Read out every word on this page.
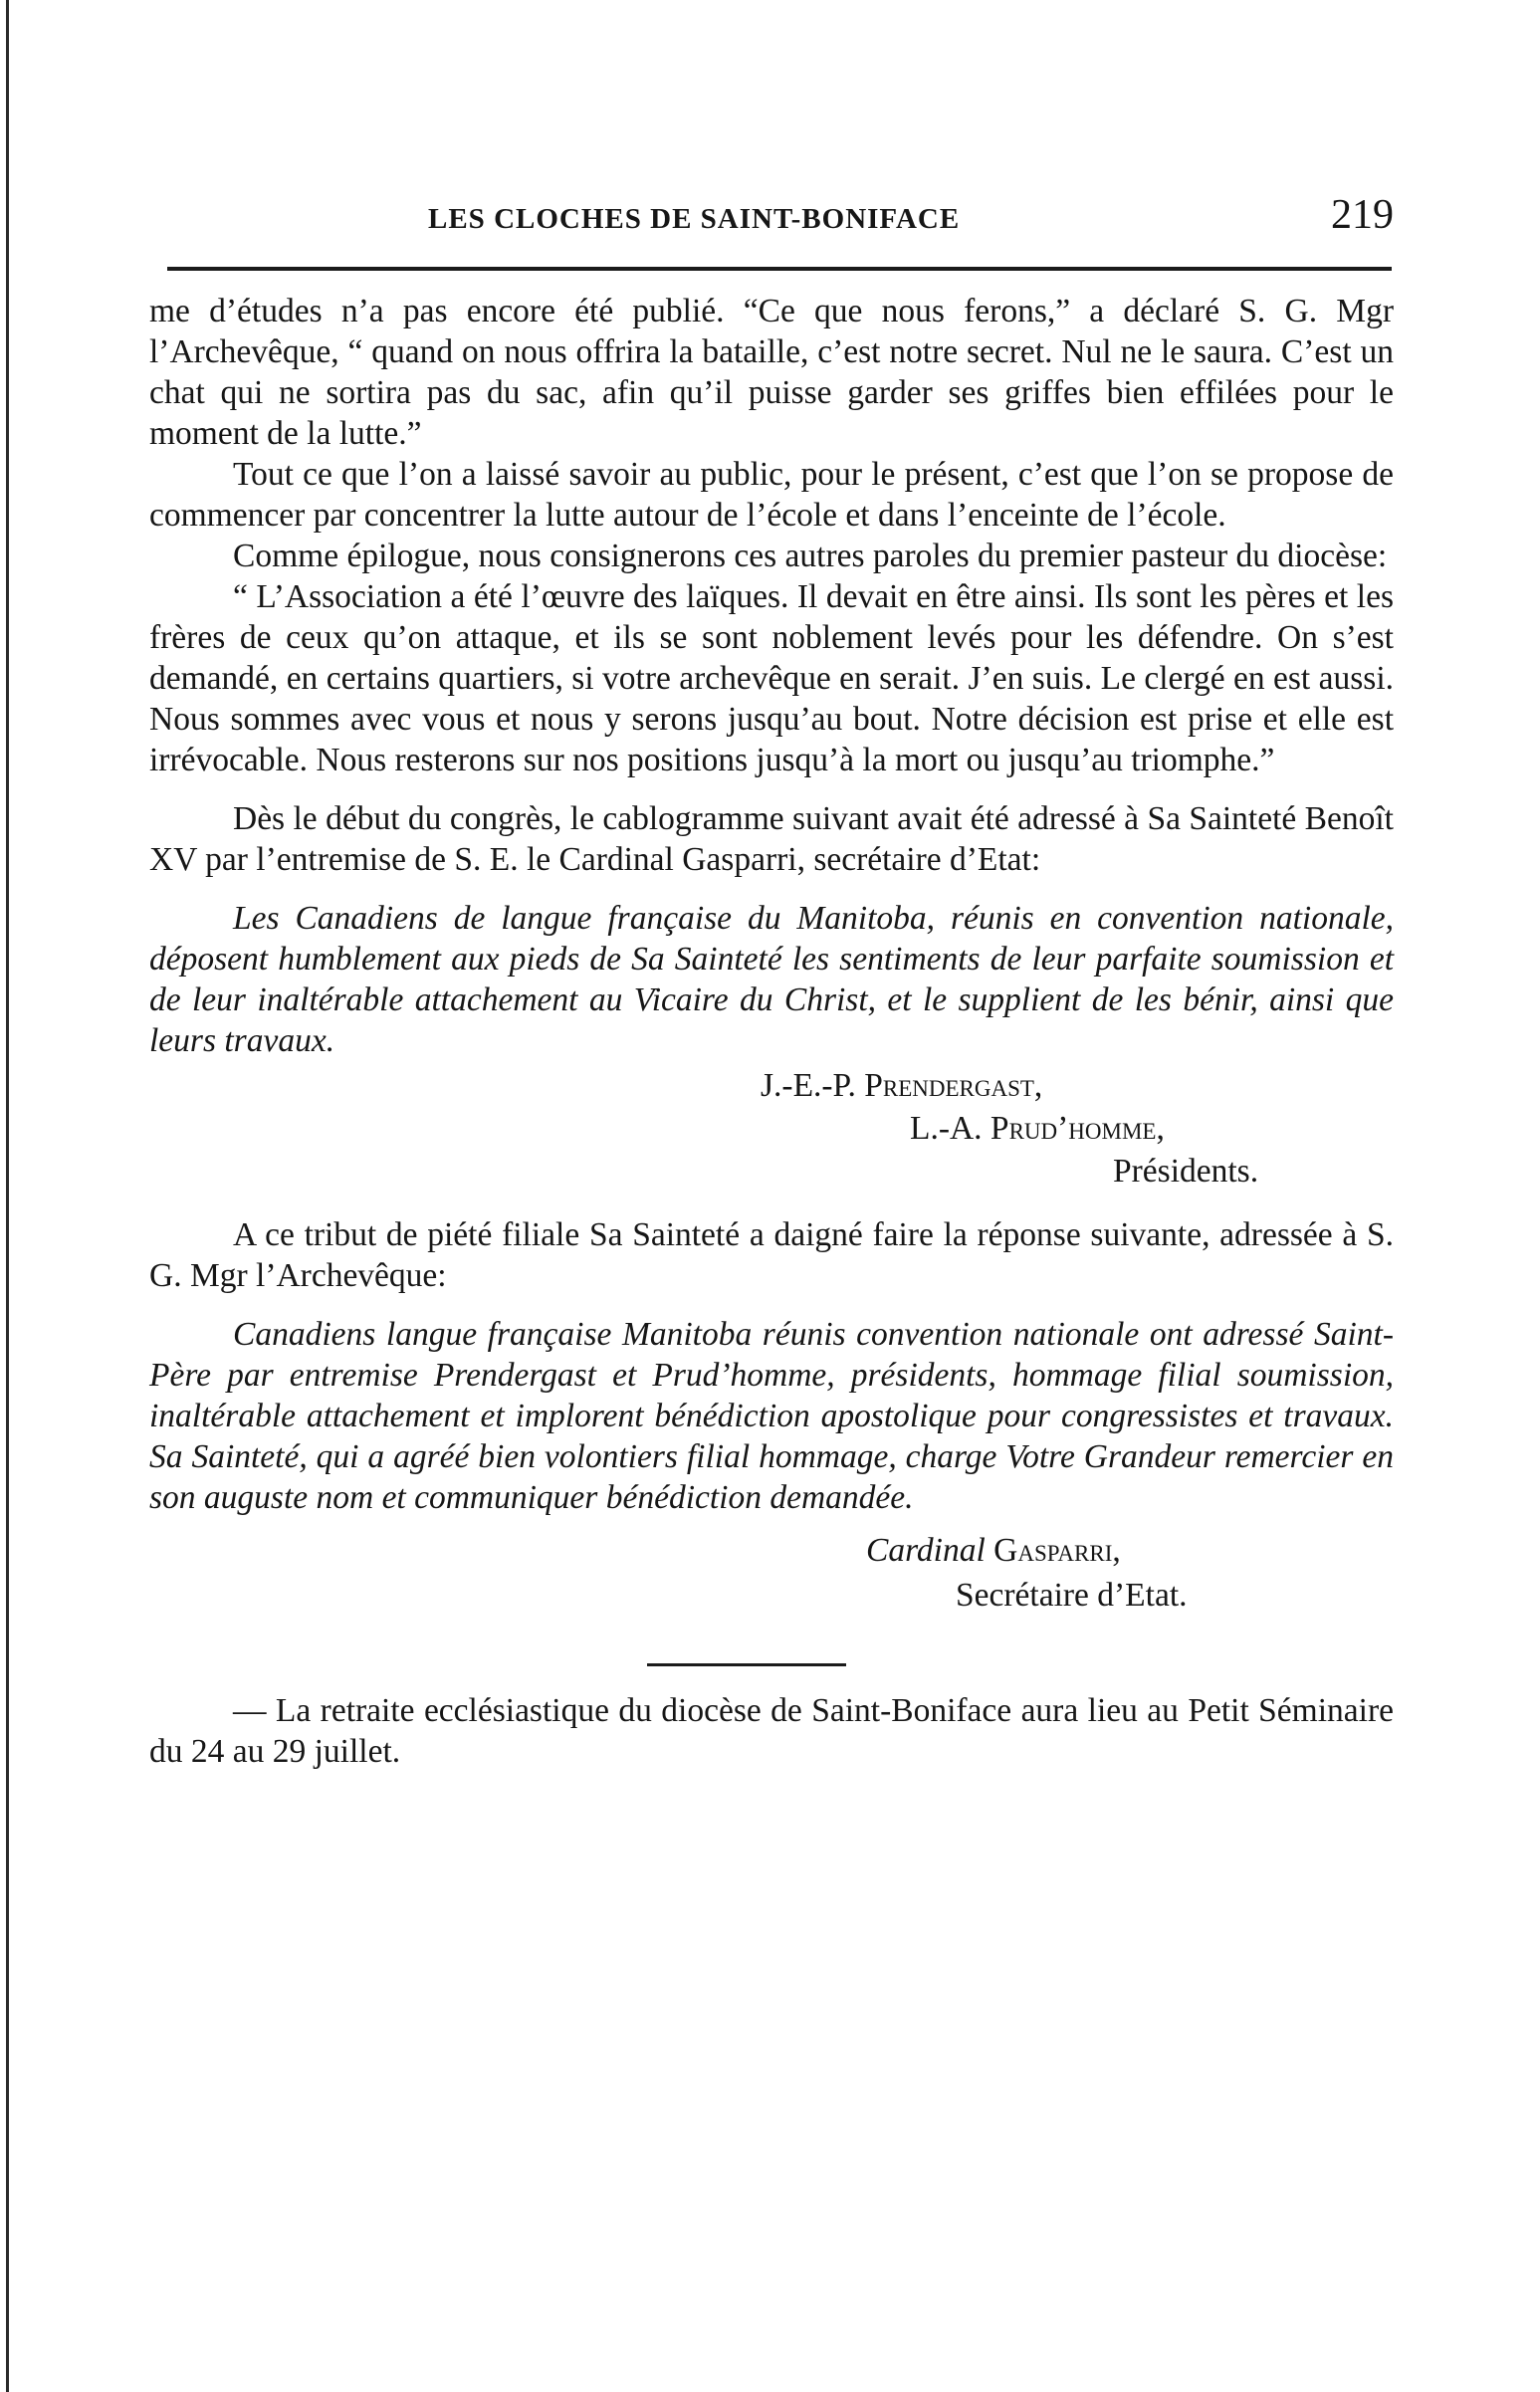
LES CLOCHES DE SAINT-BONIFACE	219

me d’études n’a pas encore été publié. “Ce que nous ferons,” a déclaré S. G. Mgr l’Archevêque, “ quand on nous offrira la bataille, c’est notre secret. Nul ne le saura. C’est un chat qui ne sortira pas du sac, afin qu’il puisse garder ses griffes bien effilées pour le moment de la lutte.”

Tout ce que l’on a laissé savoir au public, pour le présent, c’est que l’on se propose de commencer par concentrer la lutte autour de l’école et dans l’enceinte de l’école.

Comme épilogue, nous consignerons ces autres paroles du premier pasteur du diocèse:

“ L’Association a été l’œuvre des laïques. Il devait en être ainsi. Ils sont les pères et les frères de ceux qu’on attaque, et ils se sont noblement levés pour les défendre. On s’est demandé, en certains quartiers, si votre archevêque en serait. J’en suis. Le clergé en est aussi. Nous sommes avec vous et nous y serons jusqu’au bout. Notre décision est prise et elle est irrévocable. Nous resterons sur nos positions jusqu’à la mort ou jusqu’au triomphe.”

Dès le début du congrès, le cablogramme suivant avait été adressé à Sa Sainteté Benoît XV par l’entremise de S. E. le Cardinal Gasparri, secrétaire d’Etat:

Les Canadiens de langue française du Manitoba, réunis en convention nationale, déposent humblement aux pieds de Sa Sainteté les sentiments de leur parfaite soumission et de leur inaltérable attachement au Vicaire du Christ, et le supplient de les bénir, ainsi que leurs travaux.

J.-E.-P. Prendergast,
L.-A. Prud’homme,
Présidents.

A ce tribut de piété filiale Sa Sainteté a daigné faire la réponse suivante, adressée à S. G. Mgr l’Archevêque:

Canadiens langue française Manitoba réunis convention nationale ont adressé Saint-Père par entremise Prendergast et Prud’homme, présidents, hommage filial soumission, inaltérable attachement et implorent bénédiction apostolique pour congressistes et travaux. Sa Sainteté, qui a agréé bien volontiers filial hommage, charge Votre Grandeur remercier en son auguste nom et communiquer bénédiction demandée.

Cardinal Gasparri,
Secrétaire d’Etat.

— La retraite ecclésiastique du diocèse de Saint-Boniface aura lieu au Petit Séminaire du 24 au 29 juillet.
